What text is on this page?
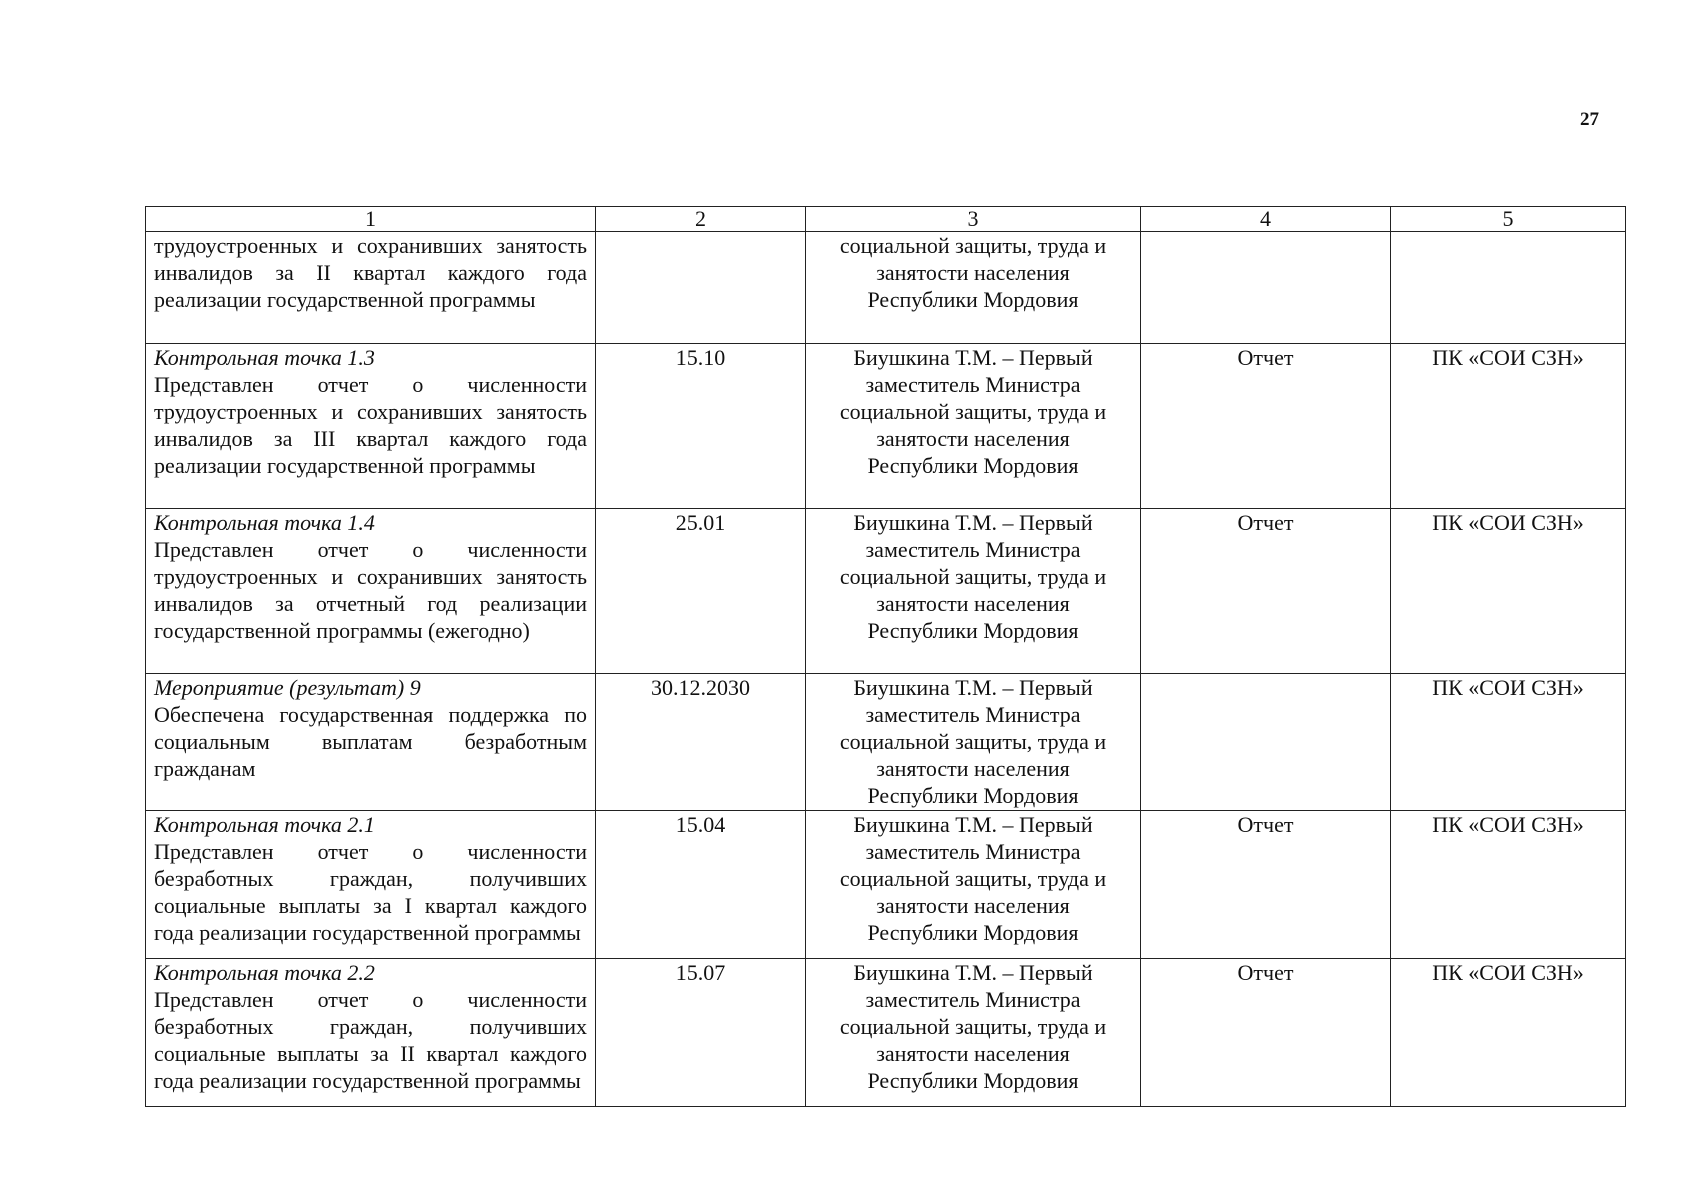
27
1	2	3	4	5

трудоустроенных и сохранивших занятость инвалидов за II квартал каждого года реализации государственной программы		социальной защиты, труда и
занятости населения
Республики Мордовия		

Контрольная точка 1.3
Представлен отчет о численности трудоустроенных и сохранивших занятость инвалидов за III квартал каждого года реализации государственной программы	15.10	Биушкина Т.М. – Первый
заместитель Министра
социальной защиты, труда и
занятости населения
Республики Мордовия	Отчет	ПК «СОИ СЗН»

Контрольная точка 1.4
Представлен отчет о численности трудоустроенных и сохранивших занятость инвалидов за отчетный год реализации государственной программы (ежегодно)	25.01	Биушкина Т.М. – Первый
заместитель Министра
социальной защиты, труда и
занятости населения
Республики Мордовия	Отчет	ПК «СОИ СЗН»

Мероприятие (результат) 9
Обеспечена государственная поддержка по социальным выплатам безработным гражданам	30.12.2030	Биушкина Т.М. – Первый
заместитель Министра
социальной защиты, труда и
занятости населения
Республики Мордовия		ПК «СОИ СЗН»

Контрольная точка 2.1
Представлен отчет о численности безработных граждан, получивших социальные выплаты за I квартал каждого года реализации государственной программы	15.04	Биушкина Т.М. – Первый
заместитель Министра
социальной защиты, труда и
занятости населения
Республики Мордовия	Отчет	ПК «СОИ СЗН»

Контрольная точка 2.2
Представлен отчет о численности безработных граждан, получивших социальные выплаты за II квартал каждого года реализации государственной программы	15.07	Биушкина Т.М. – Первый
заместитель Министра
социальной защиты, труда и
занятости населения
Республики Мордовия	Отчет	ПК «СОИ СЗН»
